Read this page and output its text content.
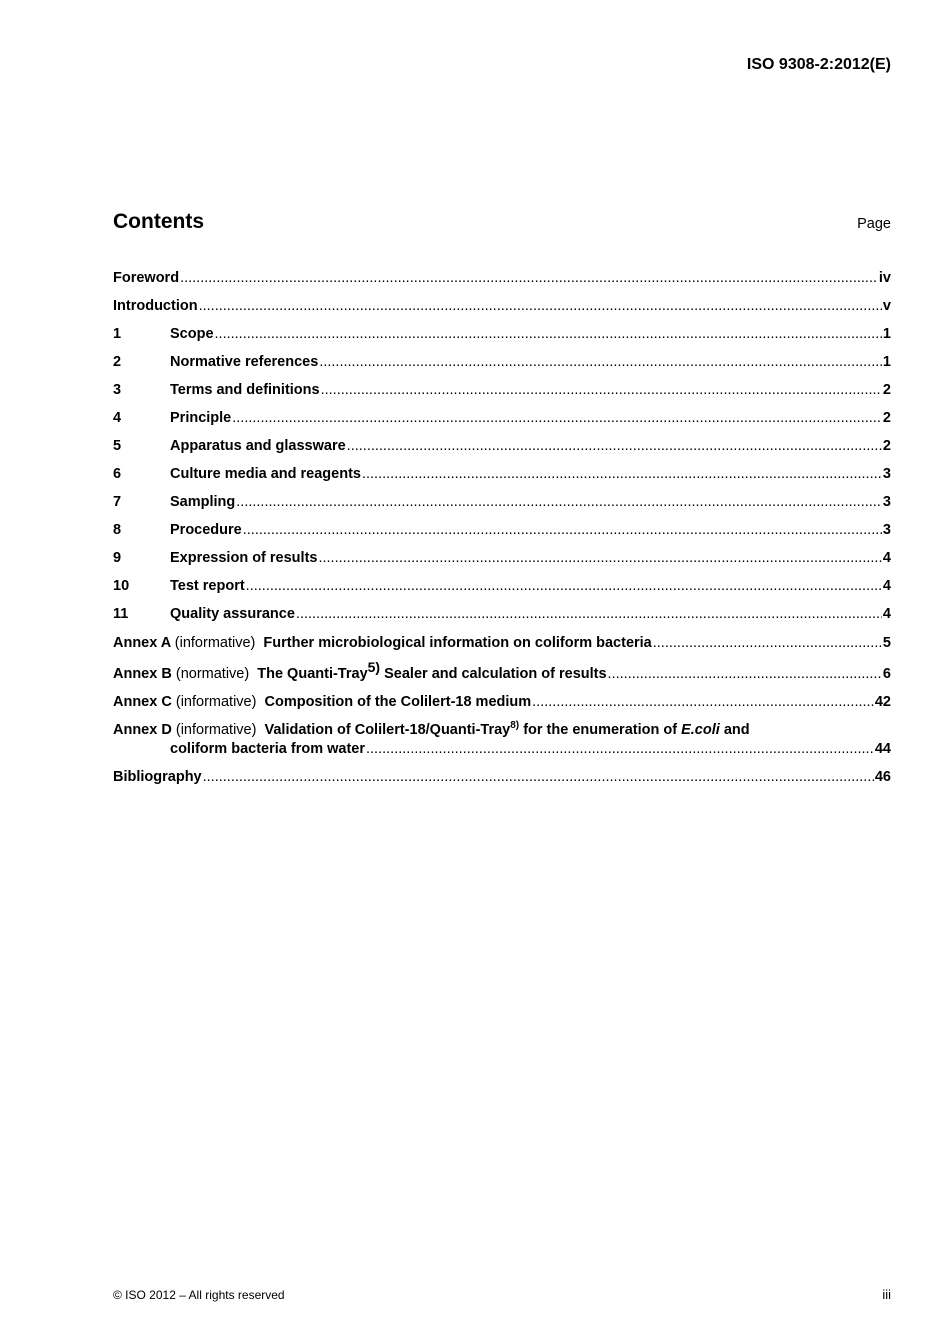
ISO 9308-2:2012(E)
Contents	Page
Foreword .....	iv
Introduction .....	v
1	Scope .....	1
2	Normative references .....	1
3	Terms and definitions .....	2
4	Principle .....	2
5	Apparatus and glassware .....	2
6	Culture media and reagents .....	3
7	Sampling .....	3
8	Procedure .....	3
9	Expression of results .....	4
10	Test report .....	4
11	Quality assurance .....	4
Annex A (informative) Further microbiological information on coliform bacteria .....	5
Annex B (normative) The Quanti-Tray$^{5)}$ Sealer and calculation of results .....	6
Annex C (informative) Composition of the Colilert-18 medium .....	42
Annex D (informative) Validation of Colilert-18/Quanti-Tray$^{8)}$ for the enumeration of E.coli and
coliform bacteria from water .....	44
Bibliography .....	46
© ISO 2012 – All rights reserved	iii
